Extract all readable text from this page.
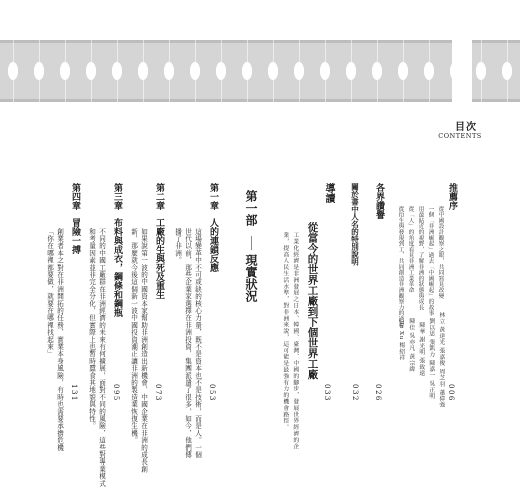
目次
CONTENTS
推薦序
從中國設計觀察之眼，共同寫見改變
一個「非洲崛起」過去「中國崛起」的故事
用最貼近的視野，了解非洲的狀態與成長
從「人」的角度看見非洲工業革命
從衍生與發現到工，共同創造非洲觀察力的過程
林立 黃達光 張嘉俊 周芝羽 蕭偉強
劉以思 張凱力 陳嘉一 吳正明
陳華 謝光明 張致遠
陳佳 吳亦凡 黃宗緯
Jie Xu 楊紹祥
006
各界讚譽
026
關於書中人名的特別說明
032
導讀
從當今的世界工廠到下個世界工廠
工業化經濟是非洲發展之日本、韓國、臺灣、中國的腳步，發展世界經濟的企
業，提高人民生活水準，對非洲來說，這可能是最強有力的機會路徑。	033
第一部
現實狀況
第一章
人的連鎖反應
這場變革中不可或缺的核心力量，既不是資本也不是技術，而是人。一個
世代以前，那些企業家選擇在非洲投資，集團派遣了很多，如今，他們傳
播了非洲。
053
第二章
工廠的生與死及重生
如果說第一波的中國資本家幫助非洲創造出新機會，中國企業在非洲的成長創
新，那麼就今後這個新一波中國投資潮正讓非洲的製造業恢復生機。 073
第三章
布料與成衣，鋼條和鋼瓶
不同的中國工廠群在非洲經濟的未來有何擴展，面對不同的風險，這些對專業模式
和考量因素並非完全分化，但實際上也暫時蠶食其地貌與特性。 095
第四章
冒險一搏
創業者本之對在非洲開拓的任務、實業本身風險，有時也需要承擔危機
「你在哪裡都要做，就要在哪裡找起來」
131
